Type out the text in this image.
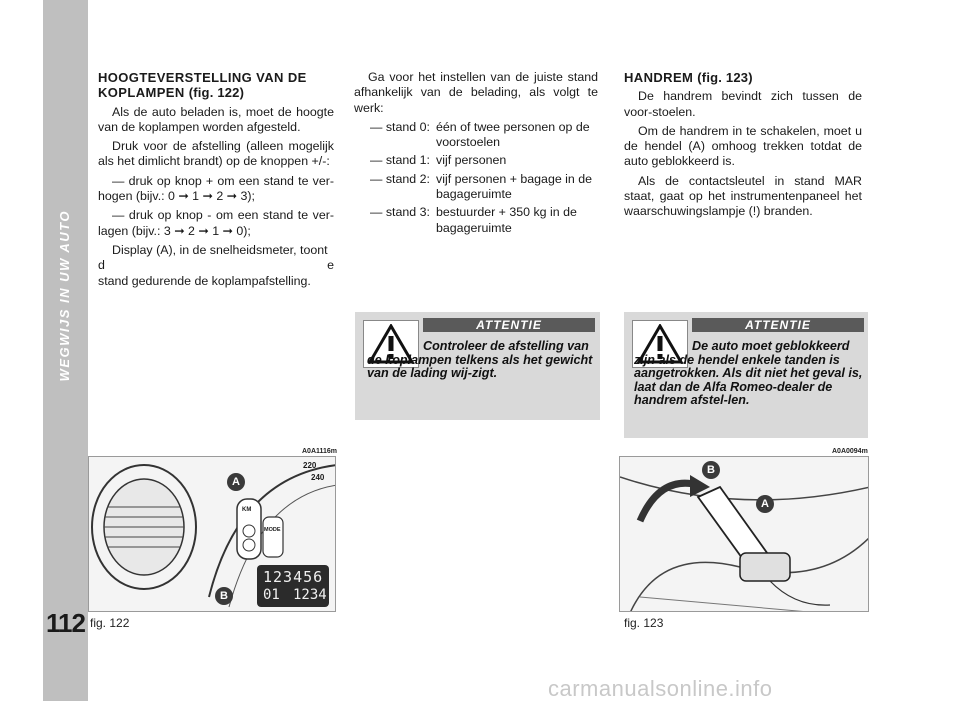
WEGWIJS IN UW AUTO
112

HOOGTEVERSTELLING VAN DE
KOPLAMPEN (fig. 122)

Als de auto beladen is, moet de hoogte van de koplampen worden afgesteld.

Druk voor de afstelling (alleen mogelijk als het dimlicht brandt) op de knoppen +/-:

— druk op knop + om een stand te ver-hogen (bijv.: 0 ➞ 1 ➞ 2 ➞ 3);

— druk op knop - om een stand te ver-lagen (bijv.: 3 ➞ 2 ➞ 1 ➞ 0);

Display (A), in de snelheidsmeter, toont

d	e

stand gedurende de koplampafstelling.

Ga voor het instellen van de juiste stand afhankelijk van de belading, als volgt te werk:

— stand 0: één of twee personen op de voorstoelen
— stand 1: vijf personen
— stand 2: vijf personen + bagage in de bagageruimte
— stand 3: bestuurder + 350 kg in de bagageruimte

HANDREM (fig. 123)

De handrem bevindt zich tussen de voor-stoelen.

Om de handrem in te schakelen, moet u de hendel (A) omhoog trekken totdat de auto geblokkeerd is.

Als de contactsleutel in stand MAR staat, gaat op het instrumentenpaneel het waarschuwingslampje (!) branden.

ATTENTIE
Controleer de afstelling van de koplampen telkens als het gewicht van de lading wij-zigt.
ATTENTIE
De auto moet geblokkeerd zijn als de hendel enkele tanden is aangetrokken. Als dit niet het geval is, laat dan de Alfa Romeo-dealer de handrem afstel-len.
A0A1116m
220
240
KM
MODE
123456
01 1234
A
B
fig. 122
A0A0094m
B
A
fig. 123
carmanualsonline.info
